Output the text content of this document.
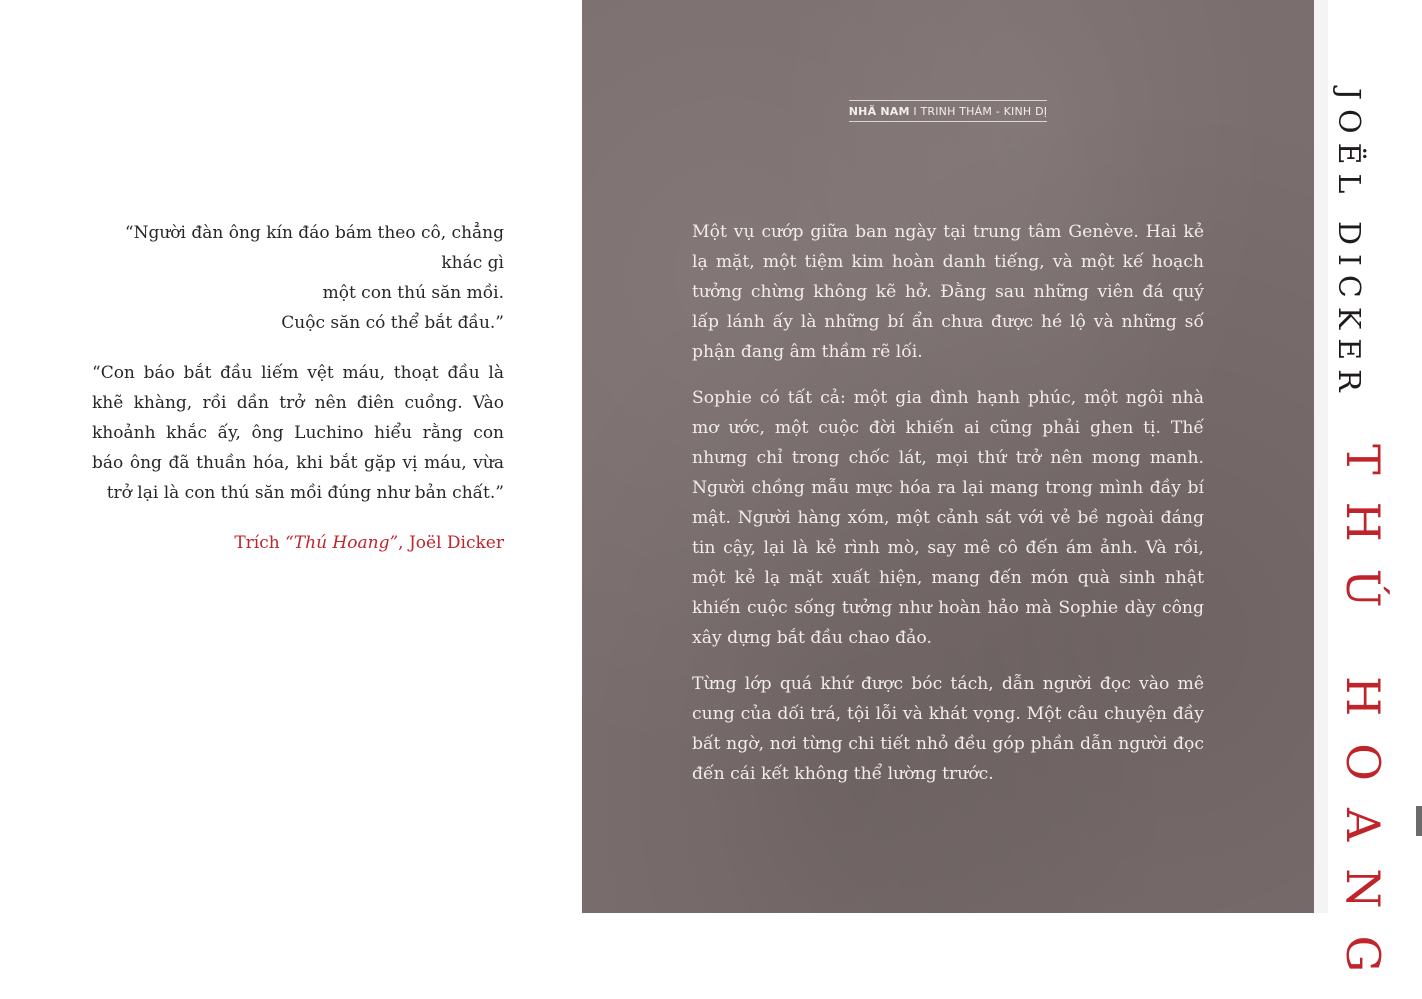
“Người đàn ông kín đáo bám theo cô, chẳng khác gì
một con thú săn mồi.
Cuộc săn có thể bắt đầu.”
“Con báo bắt đầu liếm vệt máu, thoạt đầu là khẽ khàng, rồi dần trở nên điên cuồng. Vào khoảnh khắc ấy, ông Luchino hiểu rằng con báo ông đã thuần hóa, khi bắt gặp vị máu, vừa trở lại là con thú săn mồi đúng như bản chất.”
Trích “Thú Hoang”, Joël Dicker
NHÃ NAM I TRINH THÁM - KINH DỊ

Một vụ cướp giữa ban ngày tại trung tâm Genève. Hai kẻ lạ mặt, một tiệm kim hoàn danh tiếng, và một kế hoạch tưởng chừng không kẽ hở. Đằng sau những viên đá quý lấp lánh ấy là những bí ẩn chưa được hé lộ và những số phận đang âm thầm rẽ lối.

Sophie có tất cả: một gia đình hạnh phúc, một ngôi nhà mơ ước, một cuộc đời khiến ai cũng phải ghen tị. Thế nhưng chỉ trong chốc lát, mọi thứ trở nên mong manh. Người chồng mẫu mực hóa ra lại mang trong mình đầy bí mật. Người hàng xóm, một cảnh sát với vẻ bề ngoài đáng tin cậy, lại là kẻ rình mò, say mê cô đến ám ảnh. Và rồi, một kẻ lạ mặt xuất hiện, mang đến món quà sinh nhật khiến cuộc sống tưởng như hoàn hảo mà Sophie dày công xây dựng bắt đầu chao đảo.

Từng lớp quá khứ được bóc tách, dẫn người đọc vào mê cung của dối trá, tội lỗi và khát vọng. Một câu chuyện đầy bất ngờ, nơi từng chi tiết nhỏ đều góp phần dẫn người đọc đến cái kết không thể lường trước.

JOËL DICKER
THÚ HOANG
